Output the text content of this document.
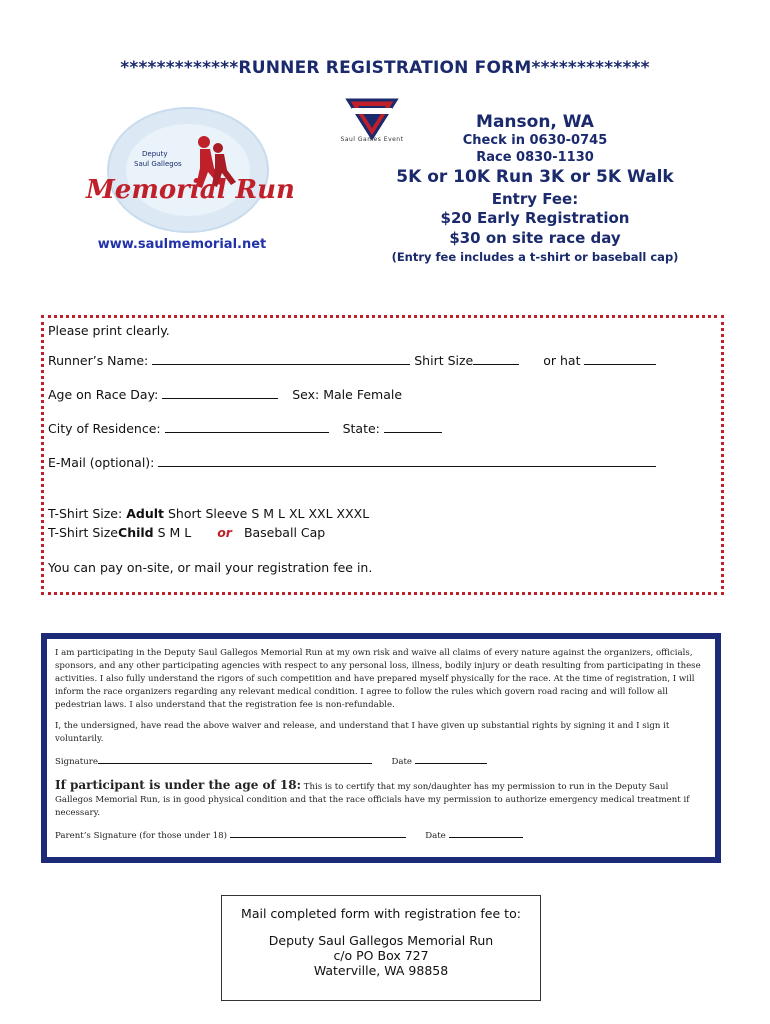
*************RUNNER REGISTRATION FORM*************
Deputy
Saul Gallegos
Memorial Run
www.saulmemorial.net
Saul Games Event
Manson, WA
Check in 0630-0745
Race 0830-1130
5K or 10K Run 3K or 5K Walk
Entry Fee:
$20 Early Registration
$30 on site race day
(Entry fee includes a t-shirt or baseball cap)
Please print clearly.
Runner’s Name:	Shirt Size	or hat
Age on Race Day:	Sex: Male Female
City of Residence:	State:
E-Mail (optional):
T-Shirt Size: Adult Short Sleeve S M L XL XXL XXXL
T-Shirt SizeChild S M L or Baseball Cap
You can pay on-site, or mail your registration fee in.

I am participating in the Deputy Saul Gallegos Memorial Run at my own risk and waive all claims of every nature against the organizers, officials, sponsors, and any other participating agencies with respect to any personal loss, illness, bodily injury or death resulting from participating in these activities. I also fully understand the rigors of such competition and have prepared myself physically for the race. At the time of registration, I will inform the race organizers regarding any relevant medical condition. I agree to follow the rules which govern road racing and will follow all pedestrian laws. I also understand that the registration fee is non-refundable.

I, the undersigned, have read the above waiver and release, and understand that I have given up substantial rights by signing it and I sign it voluntarily.

Signature	Date

If participant is under the age of 18: This is to certify that my son/daughter has my permission to run in the Deputy Saul Gallegos Memorial Run, is in good physical condition and that the race officials have my permission to authorize emergency medical treatment if necessary.

Parent’s Signature (for those under 18)	Date

Mail completed form with registration fee to:
Deputy Saul Gallegos Memorial Run
c/o PO Box 727
Waterville, WA 98858
